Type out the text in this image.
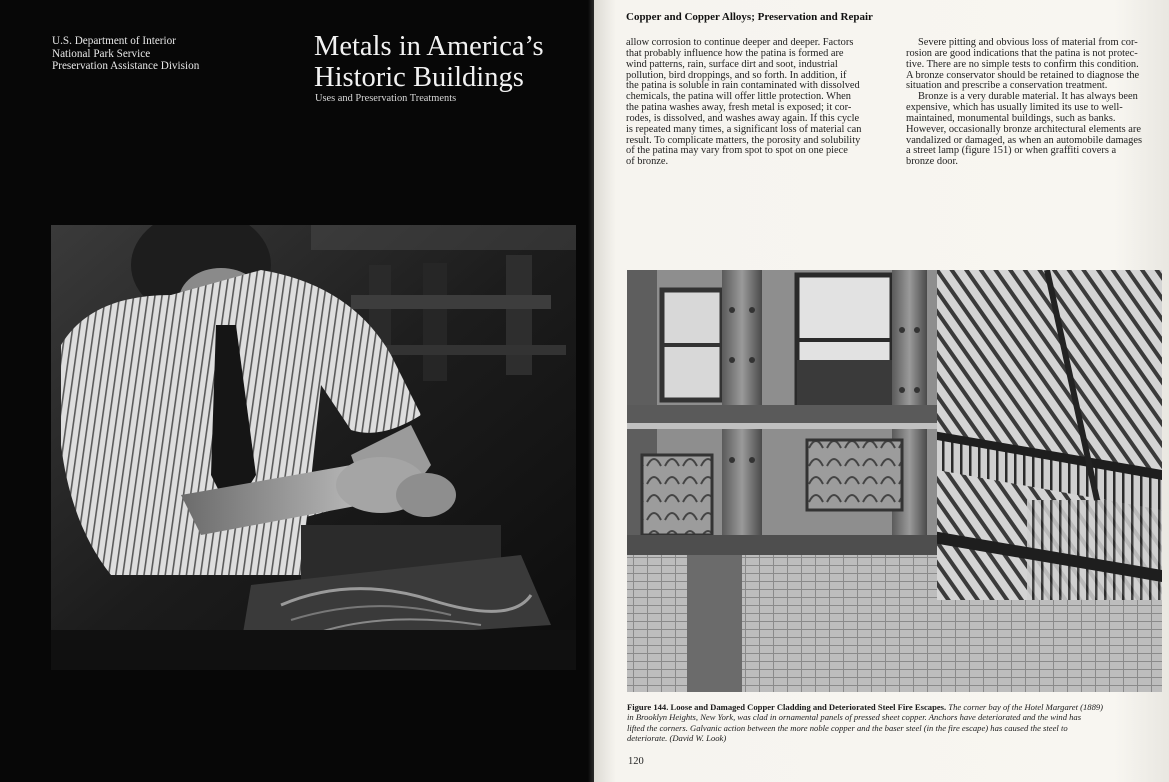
U.S. Department of Interior
National Park Service
Preservation Assistance Division
Metals in America’s
Historic Buildings
Uses and Preservation Treatments
Copper and Copper Alloys; Preservation and Repair
allow corrosion to continue deeper and deeper. Factors
that probably influence how the patina is formed are
wind patterns, rain, surface dirt and soot, industrial
pollution, bird droppings, and so forth. In addition, if
the patina is soluble in rain contaminated with dissolved
chemicals, the patina will offer little protection. When
the patina washes away, fresh metal is exposed; it cor-
rodes, is dissolved, and washes away again. If this cycle
is repeated many times, a significant loss of material can
result. To complicate matters, the porosity and solubility
of the patina may vary from spot to spot on one piece
of bronze.
Severe pitting and obvious loss of material from cor-
rosion are good indications that the patina is not protec-
tive. There are no simple tests to confirm this condition.
A bronze conservator should be retained to diagnose the
situation and prescribe a conservation treatment.
Bronze is a very durable material. It has always been
expensive, which has usually limited its use to well-
maintained, monumental buildings, such as banks.
However, occasionally bronze architectural elements are
vandalized or damaged, as when an automobile damages
a street lamp (figure 151) or when graffiti covers a
bronze door.
Figure 144. Loose and Damaged Copper Cladding and Deteriorated Steel Fire Escapes. The corner bay of the Hotel Margaret (1889)
in Brooklyn Heights, New York, was clad in ornamental panels of pressed sheet copper. Anchors have deteriorated and the wind has
lifted the corners. Galvanic action between the more noble copper and the baser steel (in the fire escape) has caused the steel to
deteriorate. (David W. Look)
120
